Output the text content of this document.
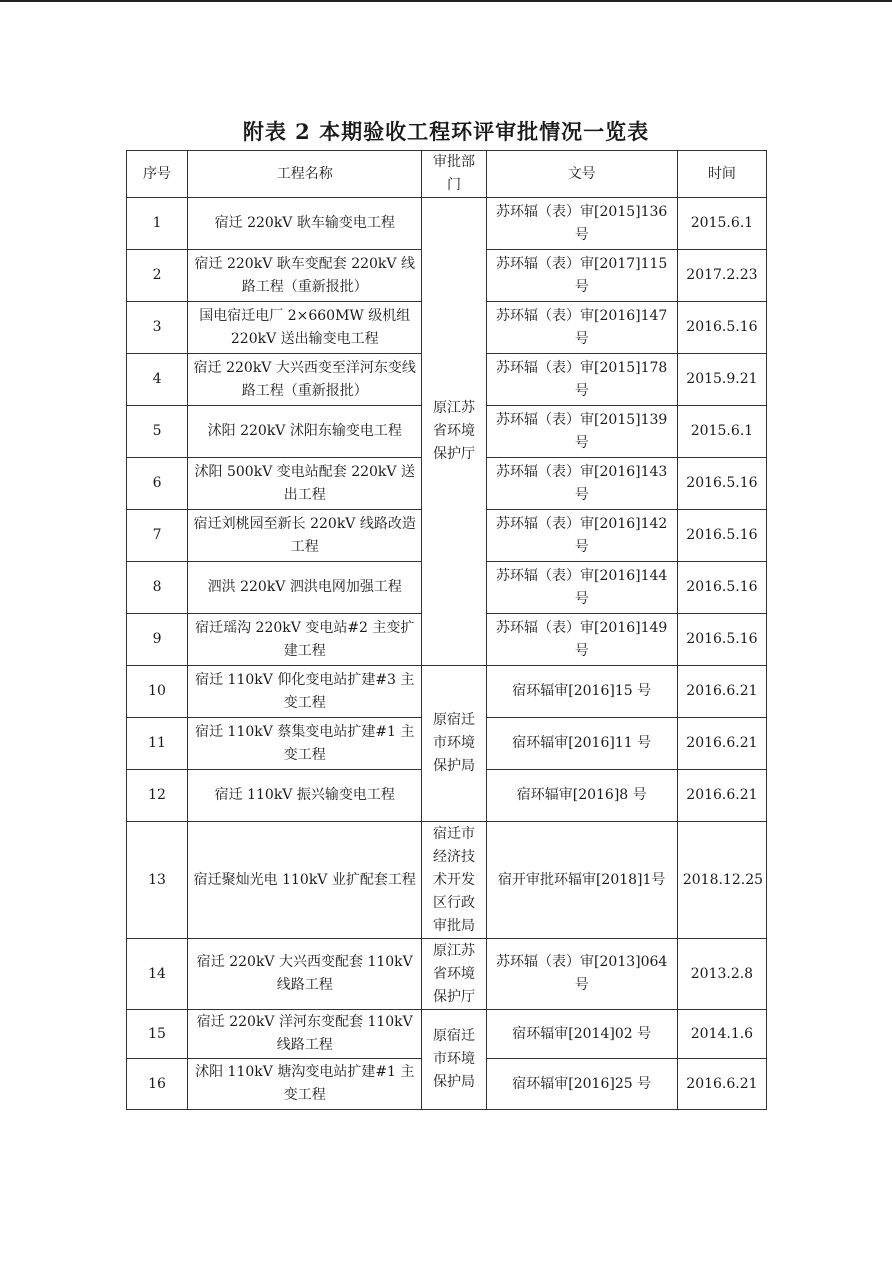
附表 2 本期验收工程环评审批情况一览表
序号	工程名称	审批部门	文号	时间
1	宿迁 220kV 耿车输变电工程	原江苏省环境保护厅	苏环辐（表）审[2015]136号	2015.6.1
2	宿迁 220kV 耿车变配套 220kV 线路工程（重新报批）		苏环辐（表）审[2017]115号	2017.2.23
3	国电宿迁电厂 2×660MW 级机组 220kV 送出输变电工程		苏环辐（表）审[2016]147号	2016.5.16
4	宿迁 220kV 大兴西变至洋河东变线路工程（重新报批）		苏环辐（表）审[2015]178号	2015.9.21
5	沭阳 220kV 沭阳东输变电工程		苏环辐（表）审[2015]139号	2015.6.1
6	沭阳 500kV 变电站配套 220kV 送出工程		苏环辐（表）审[2016]143号	2016.5.16
7	宿迁刘桃园至新长 220kV 线路改造工程		苏环辐（表）审[2016]142号	2016.5.16
8	泗洪 220kV 泗洪电网加强工程		苏环辐（表）审[2016]144号	2016.5.16
9	宿迁瑶沟 220kV 变电站#2 主变扩建工程		苏环辐（表）审[2016]149号	2016.5.16
10	宿迁 110kV 仰化变电站扩建#3 主变工程	原宿迁市环境保护局	宿环辐审[2016]15 号	2016.6.21
11	宿迁 110kV 蔡集变电站扩建#1 主变工程		宿环辐审[2016]11 号	2016.6.21
12	宿迁 110kV 振兴输变电工程		宿环辐审[2016]8 号	2016.6.21
13	宿迁聚灿光电 110kV 业扩配套工程	宿迁市经济技术开发区行政审批局	宿开审批环辐审[2018]1号	2018.12.25
14	宿迁 220kV 大兴西变配套 110kV 线路工程	原江苏省环境保护厅	苏环辐（表）审[2013]064号	2013.2.8
15	宿迁 220kV 洋河东变配套 110kV 线路工程	原宿迁市环境保护局	宿环辐审[2014]02 号	2014.1.6
16	沭阳 110kV 塘沟变电站扩建#1 主变工程		宿环辐审[2016]25 号	2016.6.21
